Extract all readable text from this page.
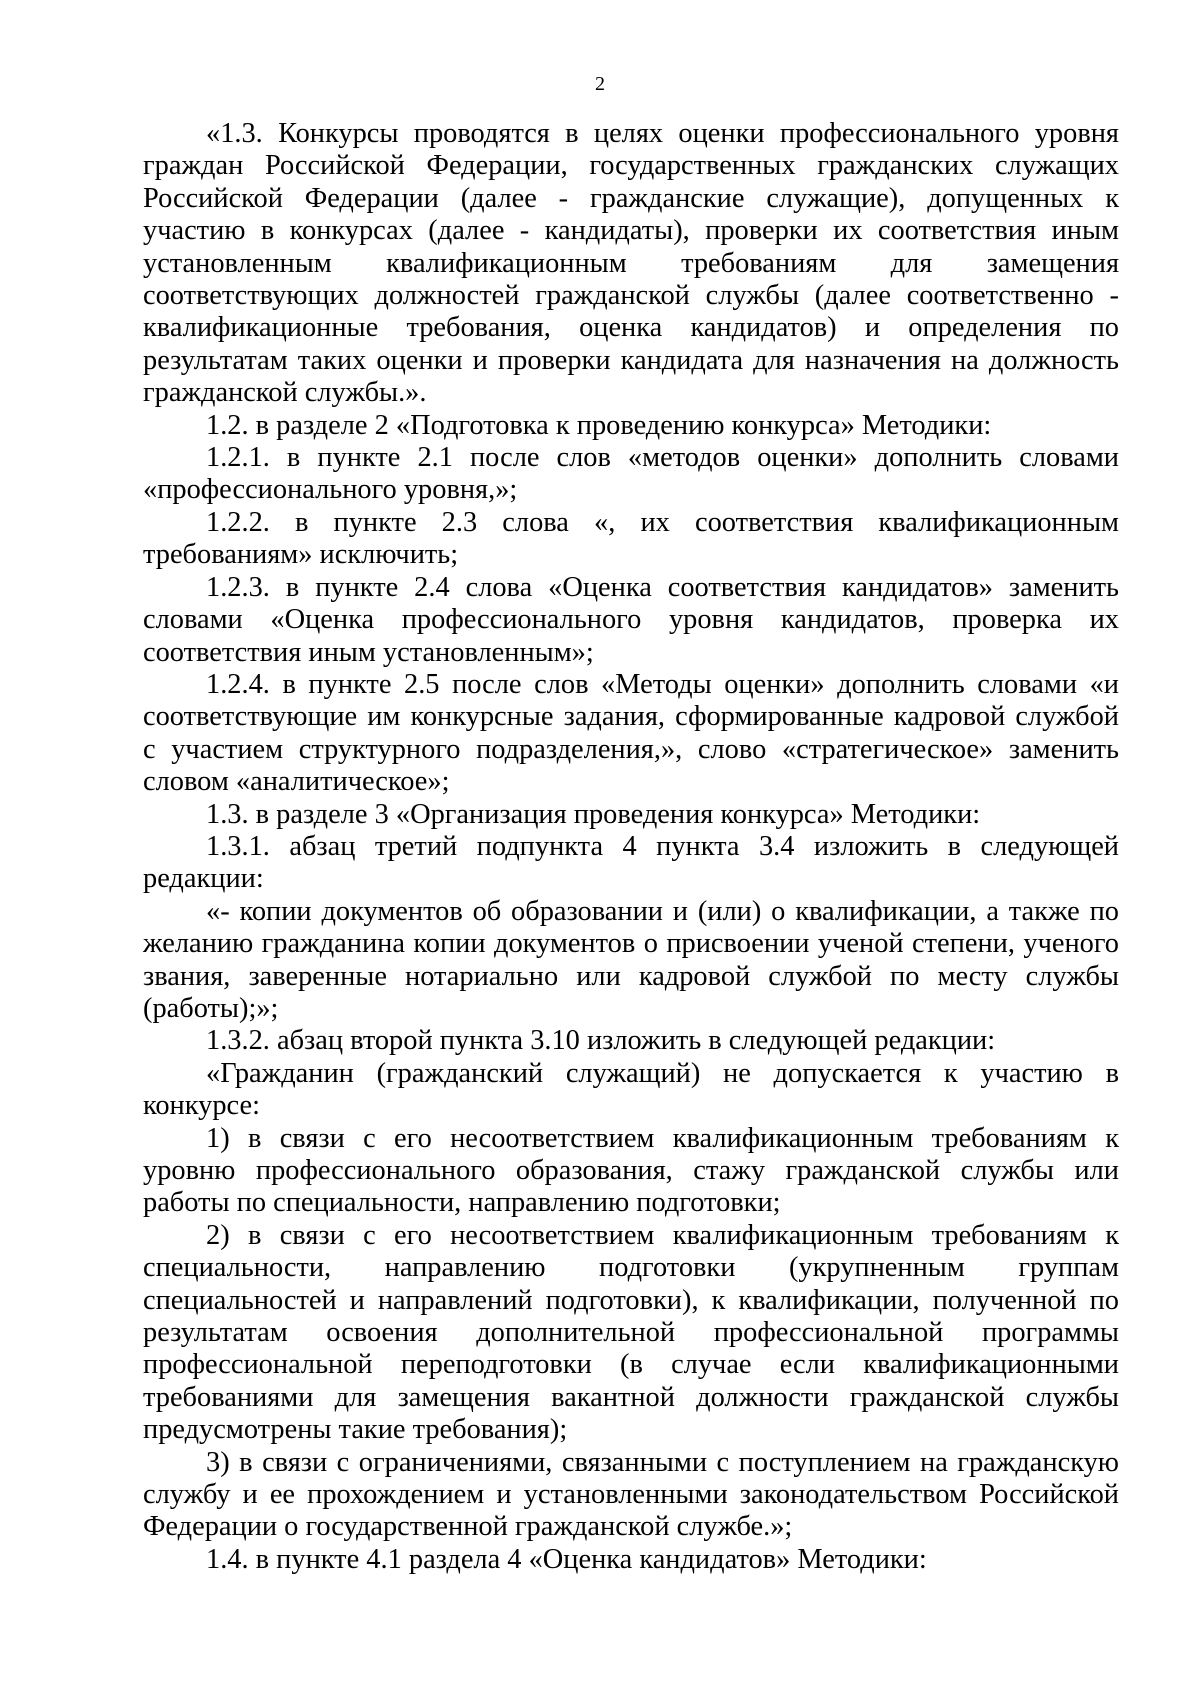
2

«1.3. Конкурсы проводятся в целях оценки профессионального уровня граждан Российской Федерации, государственных гражданских служащих Российской Федерации (далее - гражданские служащие), допущенных к участию в конкурсах (далее - кандидаты), проверки их соответствия иным установленным квалификационным требованиям для замещения соответствующих должностей гражданской службы (далее соответственно - квалификационные требования, оценка кандидатов) и определения по результатам таких оценки и проверки кандидата для назначения на должность гражданской службы.».

1.2. в разделе 2 «Подготовка к проведению конкурса» Методики:

1.2.1. в пункте 2.1 после слов «методов оценки» дополнить словами «профессионального уровня,»;

1.2.2. в пункте 2.3 слова «, их соответствия квалификационным требованиям» исключить;

1.2.3. в пункте 2.4 слова «Оценка соответствия кандидатов» заменить словами «Оценка профессионального уровня кандидатов, проверка их соответствия иным установленным»;

1.2.4. в пункте 2.5 после слов «Методы оценки» дополнить словами «и соответствующие им конкурсные задания, сформированные кадровой службой с участием структурного подразделения,», слово «стратегическое» заменить словом «аналитическое»;

1.3. в разделе 3 «Организация проведения конкурса» Методики:

1.3.1. абзац третий подпункта 4 пункта 3.4 изложить в следующей редакции:

«- копии документов об образовании и (или) о квалификации, а также по желанию гражданина копии документов о присвоении ученой степени, ученого звания, заверенные нотариально или кадровой службой по месту службы (работы);»;

1.3.2. абзац второй пункта 3.10 изложить в следующей редакции:

«Гражданин (гражданский служащий) не допускается к участию в конкурсе:

1) в связи с его несоответствием квалификационным требованиям к уровню профессионального образования, стажу гражданской службы или работы по специальности, направлению подготовки;

2) в связи с его несоответствием квалификационным требованиям к специальности, направлению подготовки (укрупненным группам специальностей и направлений подготовки), к квалификации, полученной по результатам освоения дополнительной профессиональной программы профессиональной переподготовки (в случае если квалификационными требованиями для замещения вакантной должности гражданской службы предусмотрены такие требования);

3) в связи с ограничениями, связанными с поступлением на гражданскую службу и ее прохождением и установленными законодательством Российской Федерации о государственной гражданской службе.»;

1.4. в пункте 4.1 раздела 4 «Оценка кандидатов» Методики:
